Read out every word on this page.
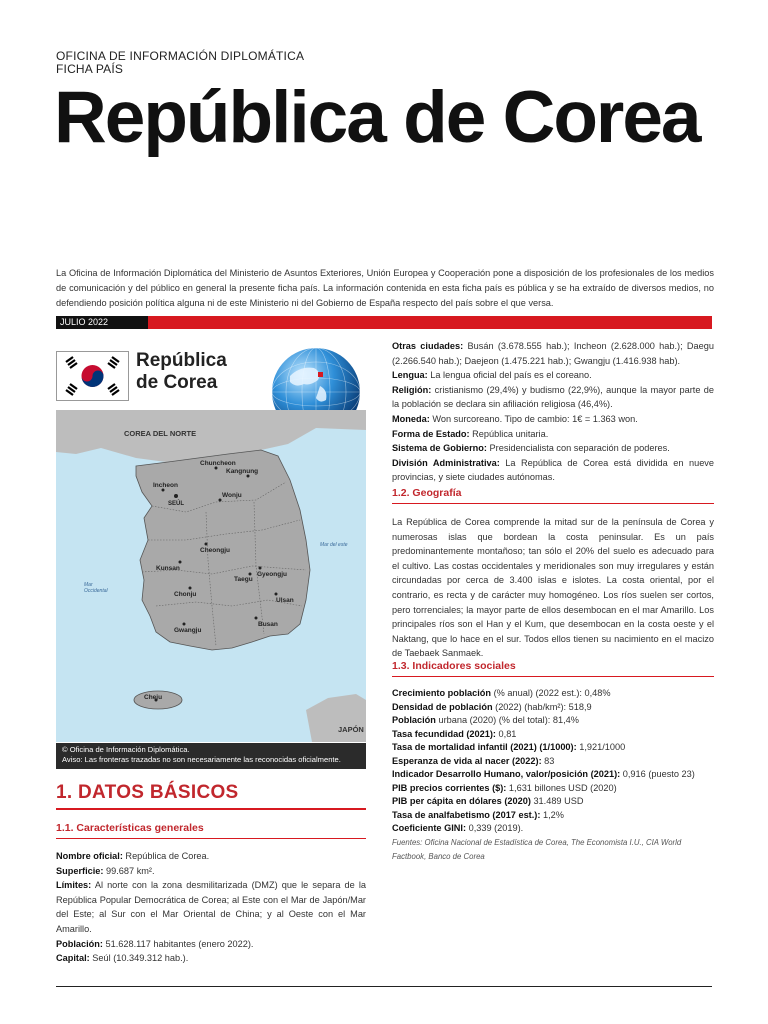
OFICINA DE INFORMACIÓN DIPLOMÁTICA
FICHA PAÍS
República de Corea
La Oficina de Información Diplomática del Ministerio de Asuntos Exteriores, Unión Europea y Cooperación pone a disposición de los profesionales de los medios de comunicación y del público en general la presente ficha país. La información contenida en esta ficha país es pública y se ha extraído de diversos medios, no defendiendo posición política alguna ni de este Ministerio ni del Gobierno de España respecto del país sobre el que versa.
JULIO 2022
República
de Corea
COREA DEL NORTE
JAPÓN
Mar del este
Mar
Occidental
Chuncheon
Kangnung
Incheon
SEÚL
Wonju
Cheongju
Kunsan
Gyeongju
Taegu
Chonju
Ulsan
Busan
Gwangju
Cheju
© Oficina de Información Diplomática.
Aviso: Las fronteras trazadas no son necesariamente las reconocidas oficialmente.
1. DATOS BÁSICOS
1.1. Características generales
Nombre oficial: República de Corea.
Superficie: 99.687 km².
Límites: Al norte con la zona desmilitarizada (DMZ) que le separa de la República Popular Democrática de Corea; al Este con el Mar de Japón/Mar del Este; al Sur con el Mar Oriental de China; y al Oeste con el Mar Amarillo.
Población: 51.628.117 habitantes (enero 2022).
Capital: Seúl (10.349.312 hab.).
Otras ciudades: Busán (3.678.555 hab.); Incheon (2.628.000 hab.); Daegu (2.266.540 hab.); Daejeon (1.475.221 hab.); Gwangju (1.416.938 hab).
Lengua: La lengua oficial del país es el coreano.
Religión: cristianismo (29,4%) y budismo (22,9%), aunque la mayor parte de la población se declara sin afiliación religiosa (46,4%).
Moneda: Won surcoreano. Tipo de cambio: 1€ = 1.363 won.
Forma de Estado: República unitaria.
Sistema de Gobierno: Presidencialista con separación de poderes.
División Administrativa: La República de Corea está dividida en nueve provincias, y siete ciudades autónomas.
1.2. Geografía
La República de Corea comprende la mitad sur de la península de Corea y numerosas islas que bordean la costa peninsular. Es un país predominantemente montañoso; tan sólo el 20% del suelo es adecuado para el cultivo. Las costas occidentales y meridionales son muy irregulares y están circundadas por cerca de 3.400 islas e islotes. La costa oriental, por el contrario, es recta y de carácter muy homogéneo. Los ríos suelen ser cortos, pero torrenciales; la mayor parte de ellos desembocan en el mar Amarillo. Los principales ríos son el Han y el Kum, que desembocan en la costa oeste y el Naktang, que lo hace en el sur. Todos ellos tienen su nacimiento en el macizo de Taebaek Sanmaek.
1.3. Indicadores sociales
Crecimiento población (% anual) (2022 est.): 0,48%
Densidad de población (2022) (hab/km²): 518,9
Población urbana (2020) (% del total): 81,4%
Tasa fecundidad (2021): 0,81
Tasa de mortalidad infantil (2021) (1/1000): 1,921/1000
Esperanza de vida al nacer (2022): 83
Indicador Desarrollo Humano, valor/posición (2021): 0,916 (puesto 23)
PIB precios corrientes ($): 1,631 billones USD (2020)
PIB per cápita en dólares (2020) 31.489 USD
Tasa de analfabetismo (2017 est.): 1,2%
Coeficiente GINI: 0,339 (2019).
Fuentes: Oficina Nacional de Estadística de Corea, The Economista I.U., CIA World Factbook, Banco de Corea
